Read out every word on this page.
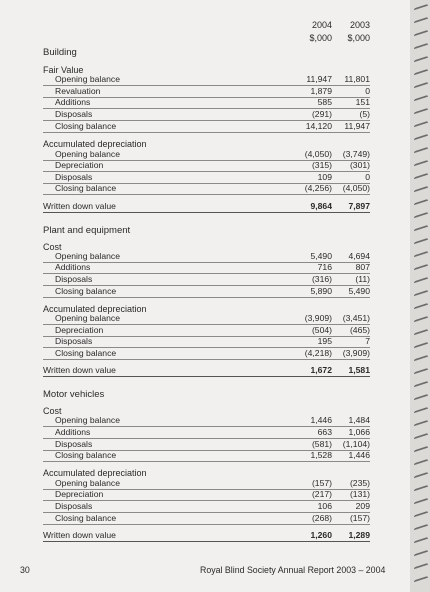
2004	2003
$,000	$,000
Building
Fair Value
Opening balance	11,947	11,801
Revaluation	1,879	0
Additions	585	151
Disposals	(291)	(5)
Closing balance	14,120	11,947
Accumulated depreciation
Opening balance	(4,050)	(3,749)
Depreciation	(315)	(301)
Disposals	109	0
Closing balance	(4,256)	(4,050)
Written down value	9,864	7,897
Plant and equipment
Cost
Opening balance	5,490	4,694
Additions	716	807
Disposals	(316)	(11)
Closing balance	5,890	5,490
Accumulated depreciation
Opening balance	(3,909)	(3,451)
Depreciation	(504)	(465)
Disposals	195	7
Closing balance	(4,218)	(3,909)
Written down value	1,672	1,581
Motor vehicles
Cost
Opening balance	1,446	1,484
Additions	663	1,066
Disposals	(581)	(1,104)
Closing balance	1,528	1,446
Accumulated depreciation
Opening balance	(157)	(235)
Depreciation	(217)	(131)
Disposals	106	209
Closing balance	(268)	(157)
Written down value	1,260	1,289
30	Royal Blind Society Annual Report 2003 – 2004
